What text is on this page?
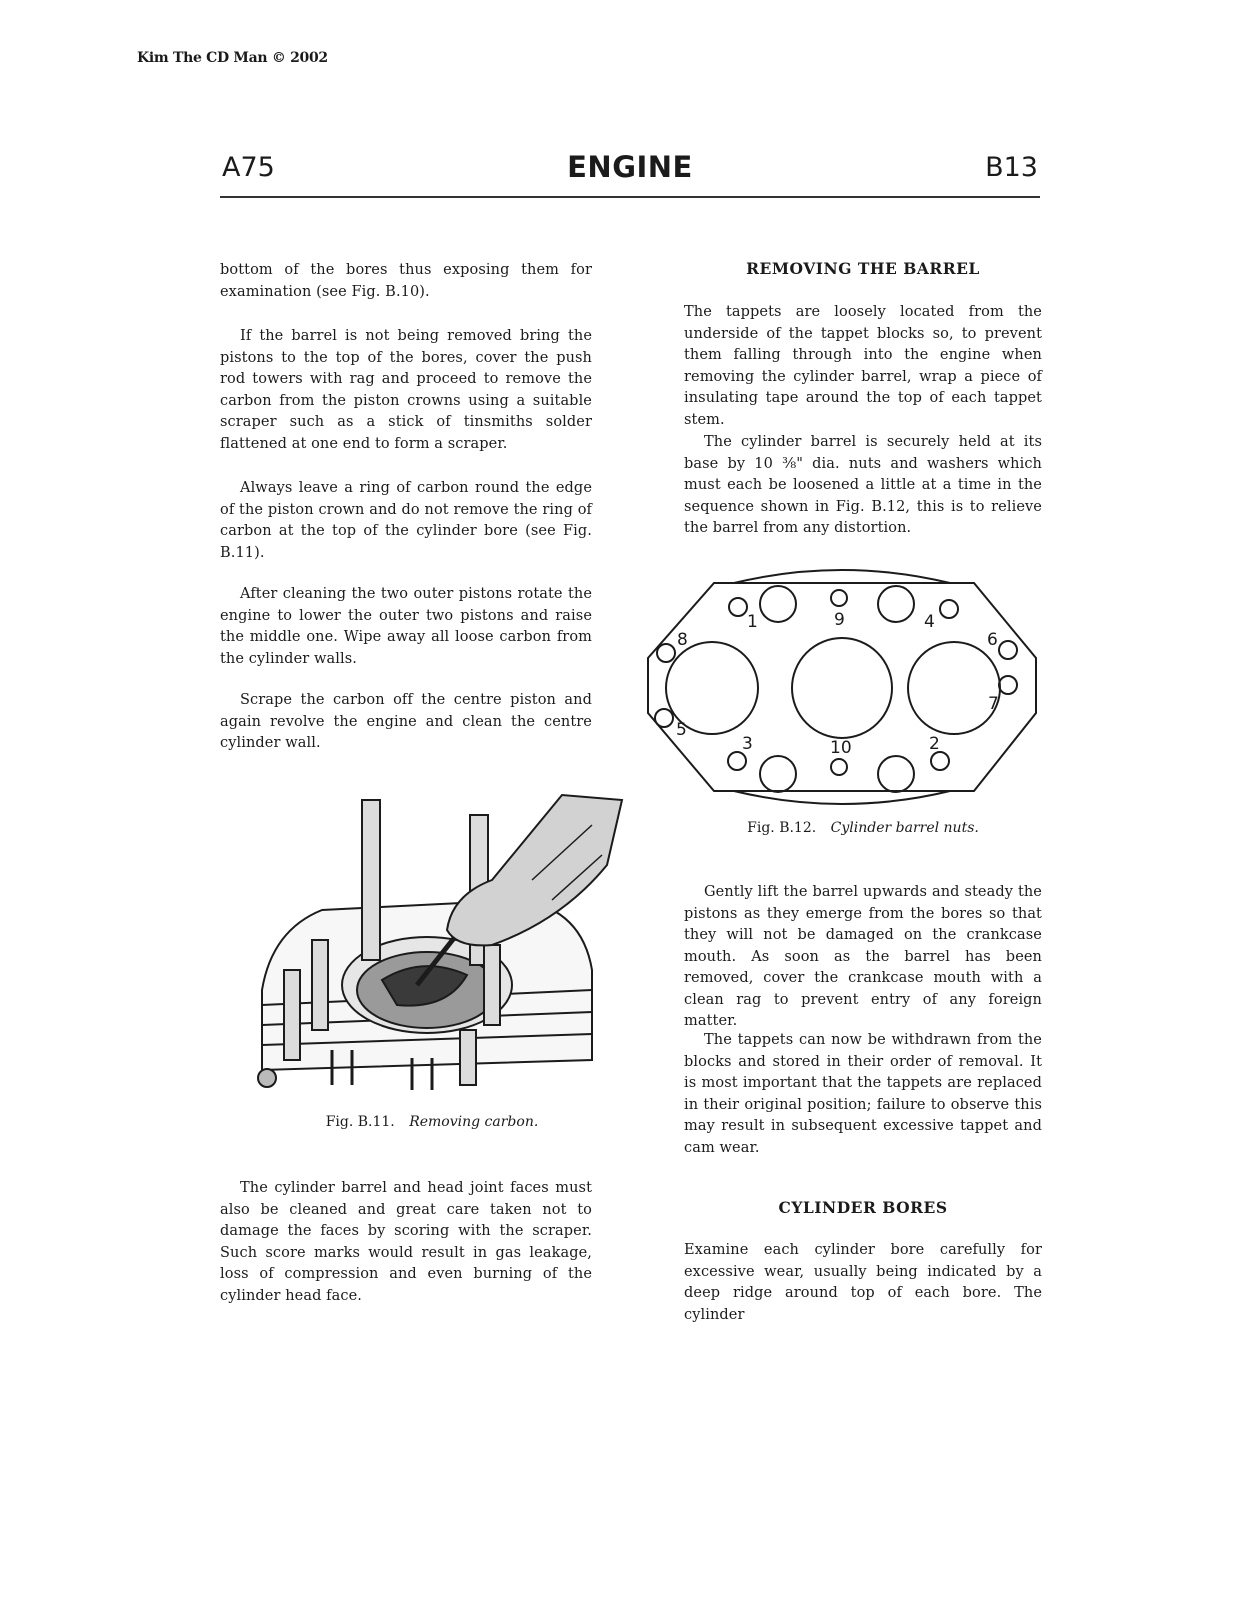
Kim The CD Man © 2002
A75	ENGINE	B13

bottom of the bores thus exposing them for examination (see Fig. B.10).

If the barrel is not being removed bring the pistons to the top of the bores, cover the push rod towers with rag and proceed to remove the carbon from the piston crowns using a suitable scraper such as a stick of tinsmiths solder flattened at one end to form a scraper.

Always leave a ring of carbon round the edge of the piston crown and do not remove the ring of carbon at the top of the cylinder bore (see Fig. B.11).

After cleaning the two outer pistons rotate the engine to lower the outer two pistons and raise the middle one. Wipe away all loose carbon from the cylinder walls.

Scrape the carbon off the centre piston and again revolve the engine and clean the centre cylinder wall.

Fig. B.11. Removing carbon.

The cylinder barrel and head joint faces must also be cleaned and great care taken not to damage the faces by scoring with the scraper. Such score marks would result in gas leakage, loss of compression and even burning of the cylinder head face.

REMOVING THE BARREL

The tappets are loosely located from the underside of the tappet blocks so, to prevent them falling through into the engine when removing the cylinder barrel, wrap a piece of insulating tape around the top of each tappet stem.

The cylinder barrel is securely held at its base by 10 ⅜" dia. nuts and washers which must each be loosened a little at a time in the sequence shown in Fig. B.12, this is to relieve the barrel from any distortion.

1	9	4
8	6
5
7
3	10	2
Fig. B.12. Cylinder barrel nuts.

Gently lift the barrel upwards and steady the pistons as they emerge from the bores so that they will not be damaged on the crankcase mouth. As soon as the barrel has been removed, cover the crankcase mouth with a clean rag to prevent entry of any foreign matter.

The tappets can now be withdrawn from the blocks and stored in their order of removal. It is most important that the tappets are replaced in their original position; failure to observe this may result in subsequent excessive tappet and cam wear.

CYLINDER BORES

Examine each cylinder bore carefully for excessive wear, usually being indicated by a deep ridge around top of each bore. The cylinder
